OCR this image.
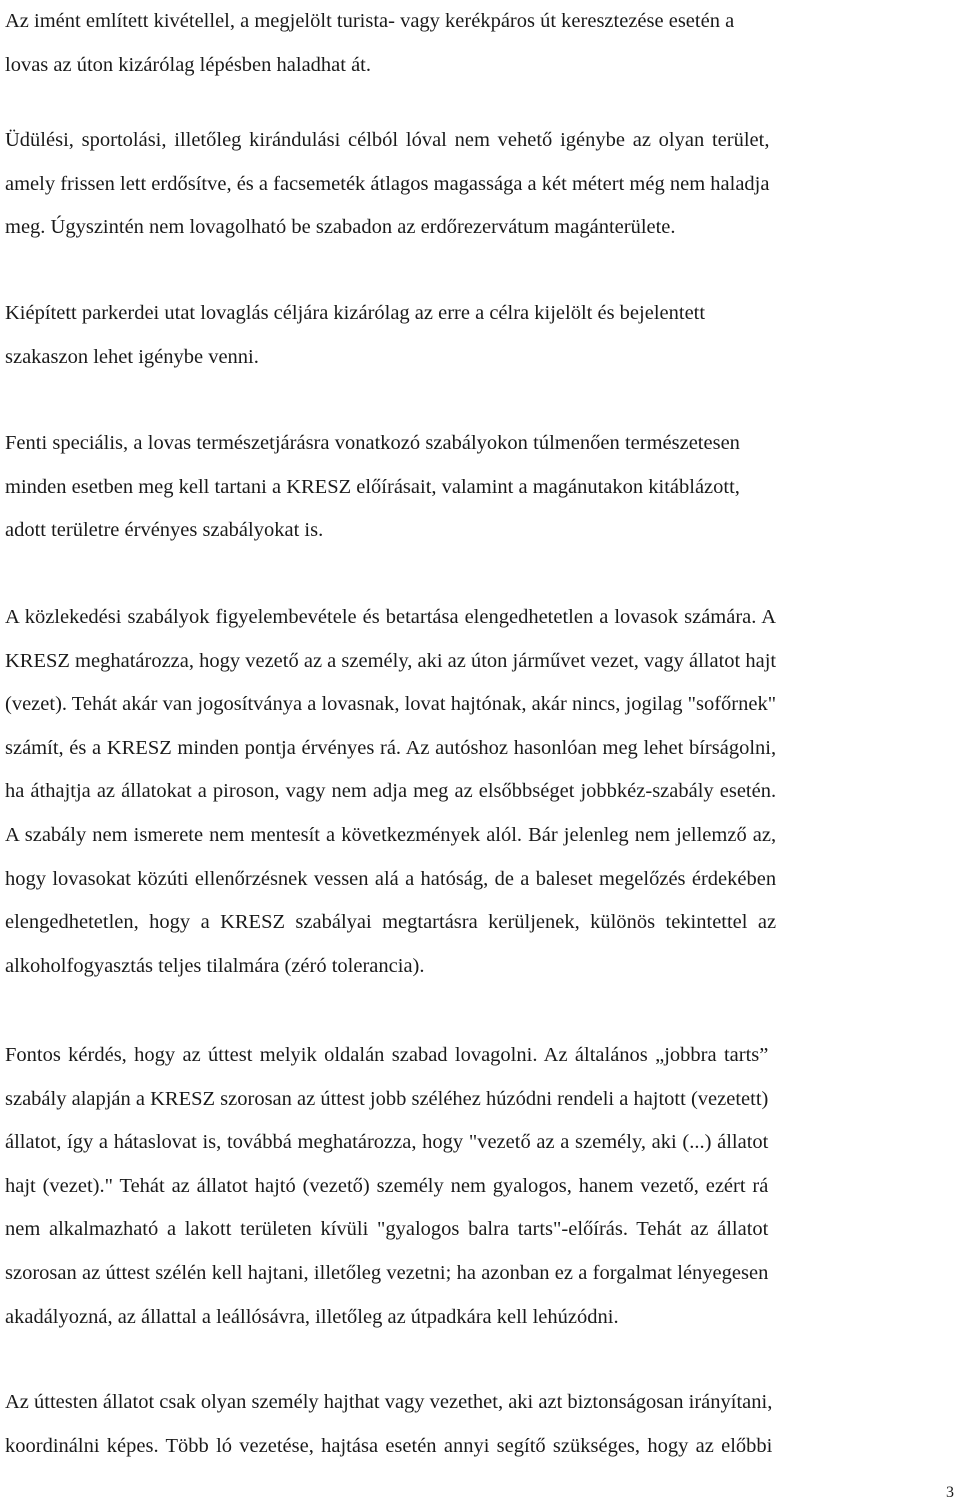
Az imént említett kivétellel, a megjelölt turista- vagy kerékpáros út keresztezése esetén a
lovas az úton kizárólag lépésben haladhat át.
Üdülési, sportolási, illetőleg kirándulási célból lóval nem vehető igénybe az olyan terület,
amely frissen lett erdősítve, és a facsemeték átlagos magassága a két métert még nem haladja
meg. Úgyszintén nem lovagolható be szabadon az erdőrezervátum magánterülete.
Kiépített parkerdei utat lovaglás céljára kizárólag az erre a célra kijelölt és bejelentett
szakaszon lehet igénybe venni.
Fenti speciális, a lovas természetjárásra vonatkozó szabályokon túlmenően természetesen
minden esetben meg kell tartani a KRESZ előírásait, valamint a magánutakon kitáblázott,
adott területre érvényes szabályokat is.
A közlekedési szabályok figyelembevétele és betartása elengedhetetlen a lovasok számára. A
KRESZ meghatározza, hogy vezető az a személy, aki az úton járművet vezet, vagy állatot hajt
(vezet). Tehát akár van jogosítványa a lovasnak, lovat hajtónak, akár nincs, jogilag "sofőrnek"
számít, és a KRESZ minden pontja érvényes rá. Az autóshoz hasonlóan meg lehet bírságolni,
ha áthajtja az állatokat a piroson, vagy nem adja meg az elsőbbséget jobbkéz-szabály esetén.
A szabály nem ismerete nem mentesít a következmények alól. Bár jelenleg nem jellemző az,
hogy lovasokat közúti ellenőrzésnek vessen alá a hatóság, de a baleset megelőzés érdekében
elengedhetetlen, hogy a KRESZ szabályai megtartásra kerüljenek, különös tekintettel az
alkoholfogyasztás teljes tilalmára (zéró tolerancia).
Fontos kérdés, hogy az úttest melyik oldalán szabad lovagolni. Az általános „jobbra tarts”
szabály alapján a KRESZ szorosan az úttest jobb széléhez húzódni rendeli a hajtott (vezetett)
állatot, így a hátaslovat is, továbbá meghatározza, hogy "vezető az a személy, aki (...) állatot
hajt (vezet)." Tehát az állatot hajtó (vezető) személy nem gyalogos, hanem vezető, ezért rá
nem alkalmazható a lakott területen kívüli "gyalogos balra tarts"-előírás. Tehát az állatot
szorosan az úttest szélén kell hajtani, illetőleg vezetni; ha azonban ez a forgalmat lényegesen
akadályozná, az állattal a leállósávra, illetőleg az útpadkára kell lehúzódni.
Az úttesten állatot csak olyan személy hajthat vagy vezethet, aki azt biztonságosan irányítani,
koordinálni képes. Több ló vezetése, hajtása esetén annyi segítő szükséges, hogy az előbbi
3
